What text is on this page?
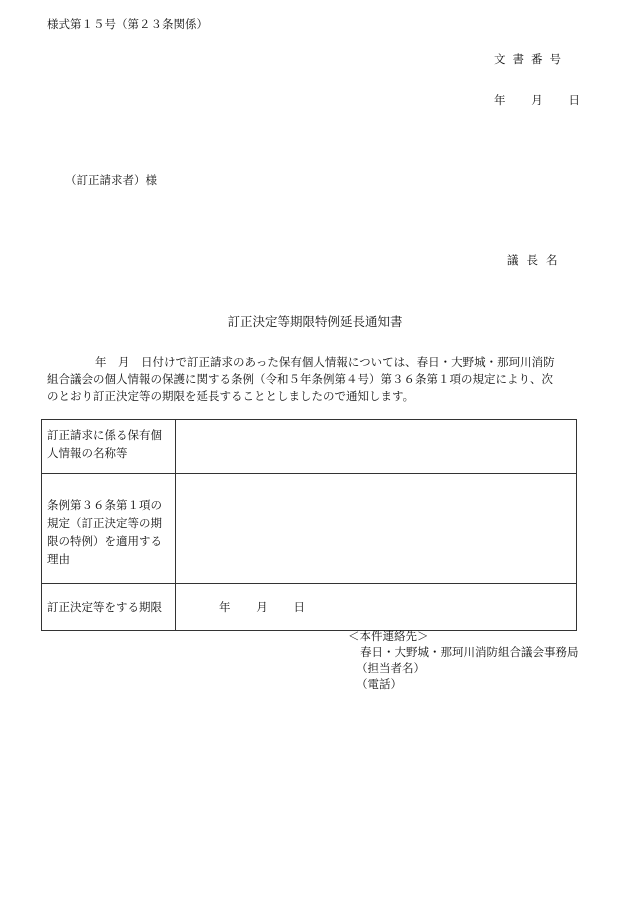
様式第１５号（第２３条関係）
文書番号
年 月 日
（訂正請求者）様
議長名
訂正決定等期限特例延長通知書
年　月　日付けで訂正請求のあった保有個人情報については、春日・大野城・那珂川消防
組合議会の個人情報の保護に関する条例（令和５年条例第４号）第３６条第１項の規定により、次
のとおり訂正決定等の期限を延長することとしましたので通知します。
訂正請求に係る保有個人情報の名称等	
条例第３６条第１項の規定（訂正決定等の期限の特例）を適用する理由	
訂正決定等をする期限	年 月 日
＜本件連絡先＞
春日・大野城・那珂川消防組合議会事務局
（担当者名）
（電話）
